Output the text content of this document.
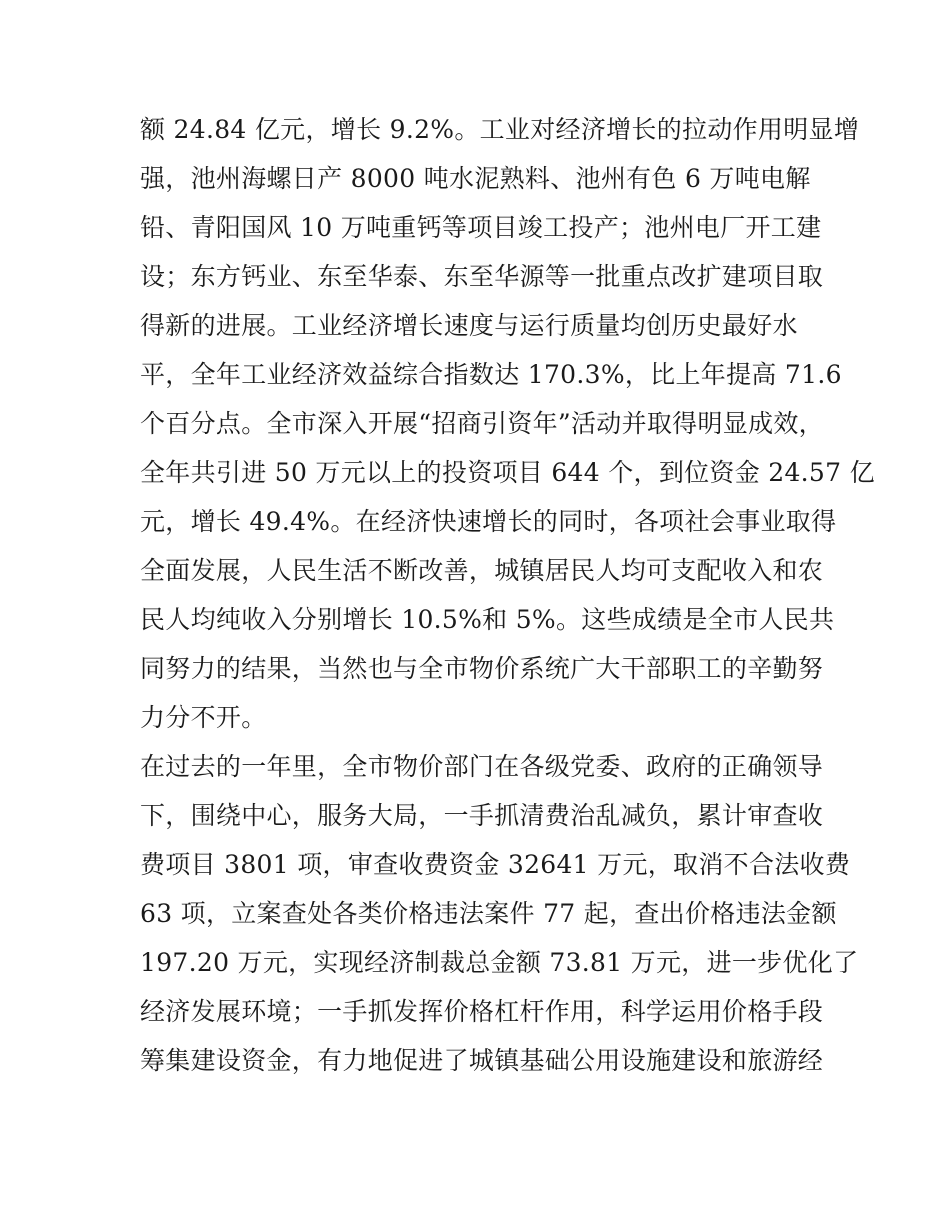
额 24.84 亿元，增长 9.2%。工业对经济增长的拉动作用明显增
强，池州海螺日产 8000 吨水泥熟料、池州有色 6 万吨电解
铅、青阳国风 10 万吨重钙等项目竣工投产；池州电厂开工建
设；东方钙业、东至华泰、东至华源等一批重点改扩建项目取
得新的进展。工业经济增长速度与运行质量均创历史最好水
平，全年工业经济效益综合指数达 170.3%，比上年提高 71.6
个百分点。全市深入开展“招商引资年”活动并取得明显成效，
全年共引进 50 万元以上的投资项目 644 个，到位资金 24.57 亿
元，增长 49.4%。在经济快速增长的同时，各项社会事业取得
全面发展，人民生活不断改善，城镇居民人均可支配收入和农
民人均纯收入分别增长 10.5%和 5%。这些成绩是全市人民共
同努力的结果，当然也与全市物价系统广大干部职工的辛勤努
力分不开。
在过去的一年里，全市物价部门在各级党委、政府的正确领导
下，围绕中心，服务大局，一手抓清费治乱减负，累计审查收
费项目 3801 项，审查收费资金 32641 万元，取消不合法收费
63 项，立案查处各类价格违法案件 77 起，查出价格违法金额
197.20 万元，实现经济制裁总金额 73.81 万元，进一步优化了
经济发展环境；一手抓发挥价格杠杆作用，科学运用价格手段
筹集建设资金，有力地促进了城镇基础公用设施建设和旅游经
